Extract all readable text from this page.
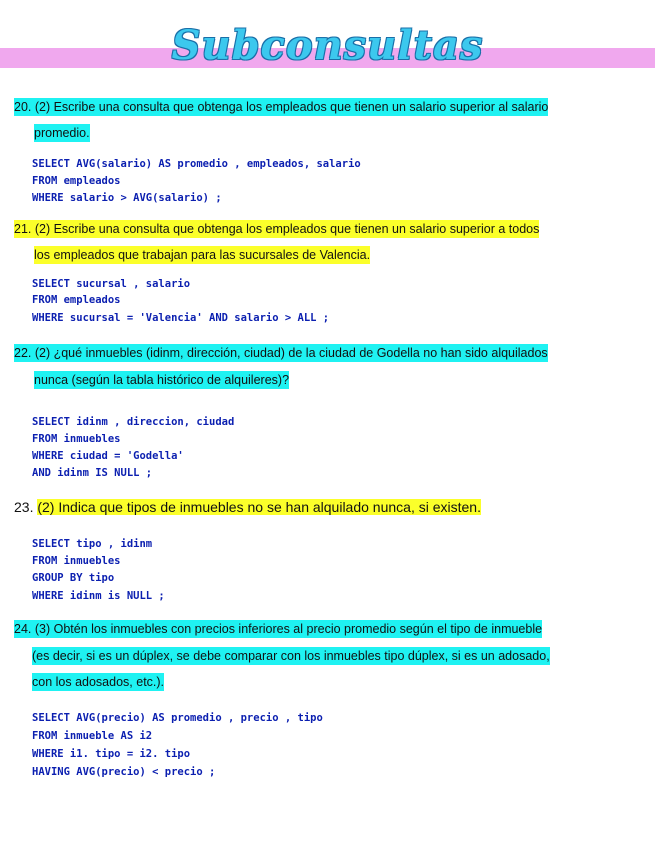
Subconsultas
20. (2) Escribe una consulta que obtenga los empleados que tienen un salario superior al salario
promedio.
SELECT AVG(salario) AS promedio , empleados, salario
FROM empleados
WHERE salario > AVG(salario) ;
21. (2) Escribe una consulta que obtenga los empleados que tienen un salario superior a todos
los empleados que trabajan para las sucursales de Valencia.
SELECT sucursal , salario
FROM empleados
WHERE sucursal = 'Valencia' AND salario > ALL ;
22. (2) ¿qué inmuebles (idinm, dirección, ciudad) de la ciudad de Godella no han sido alquilados
nunca (según la tabla histórico de alquileres)?
SELECT idinm , direccion, ciudad
FROM inmuebles
WHERE ciudad = 'Godella'
AND idinm IS NULL ;
23. (2) Indica que tipos de inmuebles no se han alquilado nunca, si existen.
SELECT tipo , idinm
FROM inmuebles
GROUP BY tipo
WHERE idinm is NULL ;
24. (3) Obtén los inmuebles con precios inferiores al precio promedio según el tipo de inmueble
(es decir, si es un dúplex, se debe comparar con los inmuebles tipo dúplex, si es un adosado,
con los adosados, etc.).
SELECT AVG(precio) AS promedio , precio , tipo
FROM inmueble AS i2
WHERE i1. tipo = i2. tipo
HAVING AVG(precio) < precio ;
